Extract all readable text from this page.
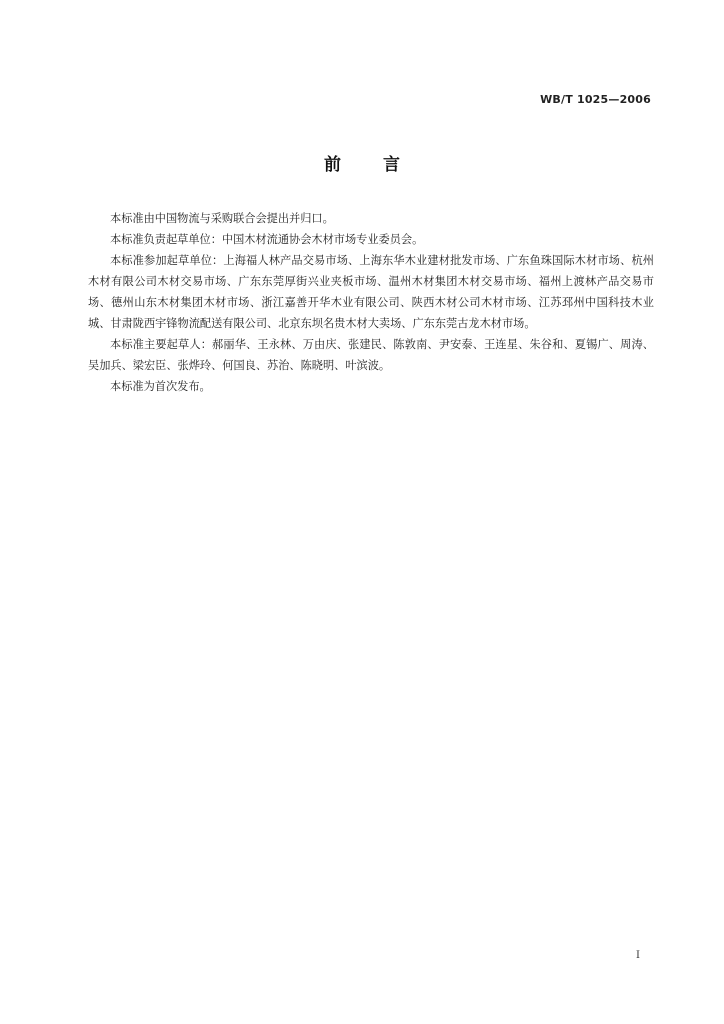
WB/T 1025—2006
前言

本标准由中国物流与采购联合会提出并归口。

本标准负责起草单位：中国木材流通协会木材市场专业委员会。

本标准参加起草单位：上海福人林产品交易市场、上海东华木业建材批发市场、广东鱼珠国际木材市场、杭州木材有限公司木材交易市场、广东东莞厚街兴业夹板市场、温州木材集团木材交易市场、福州上渡林产品交易市场、德州山东木材集团木材市场、浙江嘉善开华木业有限公司、陕西木材公司木材市场、江苏邳州中国科技木业城、甘肃陇西宇锋物流配送有限公司、北京东坝名贵木材大卖场、广东东莞古龙木材市场。

本标准主要起草人：郝丽华、王永林、万由庆、张建民、陈敦南、尹安泰、王连星、朱谷和、夏锡广、周涛、吴加兵、梁宏臣、张烨玲、何国良、苏治、陈晓明、叶滨波。

本标准为首次发布。

I
